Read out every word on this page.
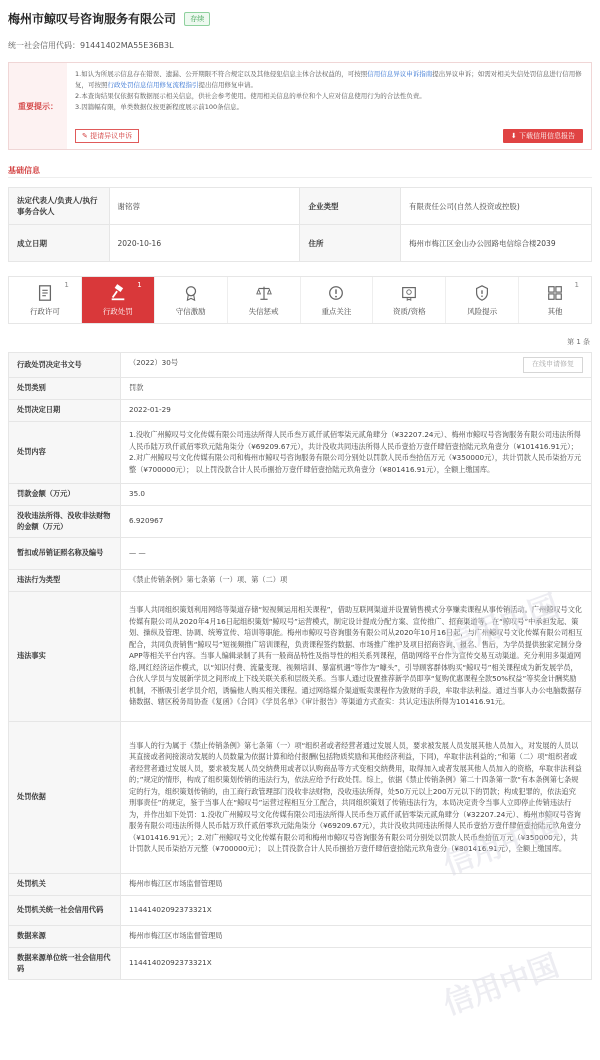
梅州市鲸叹号咨询服务有限公司 存续
统一社会信用代码：91441402MA55E36B3L
重要提示：
1.如认为所展示信息存在错误、遗漏、公开期限不符合规定以及其他侵犯信息主体合法权益的，可按照信用信息异议申诉指南提出异议申诉；如需对相关失信处罚信息进行信用修复，可按照行政处罚信息信用修复流程指引提出信用修复申请。
2.本查询结果仅依据有数据展示相关信息，供社会参考使用。使用相关信息的单位和个人应对信息使用行为的合法性负责。
3.因篇幅有限，单类数据仅按更新程度展示前100条信息。
✎ 提请异议申诉	⬇ 下载信用信息报告
基础信息
法定代表人/负责人/执行事务合伙人	谢铭蓉	企业类型	有限责任公司(自然人投资或控股)
成立日期	2020-10-16	住所	梅州市梅江区金山办公园路电信综合楼2039
1
行政许可
1
行政处罚	守信激励	失信惩戒	重点关注	资质/资格	风险提示
1
其他
第 1 条
行政处罚决定书文号	（2022）30号 在线申请修复

处罚类别	罚款
处罚决定日期	2022-01-29
处罚内容	1.没收广州鲸叹号文化传媒有限公司违法所得人民币叁万贰仟贰佰零柒元贰角肆分（¥32207.24元）、梅州市鲸叹号咨询服务有限公司违法所得人民币陆万玖仟贰佰零玖元陆角柒分（¥69209.67元），共计没收共同违法所得人民币壹拾万壹仟肆佰壹拾陆元玖角壹分（¥101416.91元）； 2.对广州鲸叹号文化传媒有限公司和梅州市鲸叹号咨询服务有限公司分别处以罚款人民币叁拾伍万元（¥350000元），共计罚款人民币柒拾万元整（¥700000元）； 以上罚没款合计人民币捌拾万壹仟肆佰壹拾陆元玖角壹分（¥801416.91元），全额上缴国库。
罚款金额（万元）	35.0
没收违法所得、没收非法财物的金额（万元）	6.920967
暂扣或吊销证照名称及编号	— —
违法行为类型	《禁止传销条例》第七条第（一）项、第（二）项
违法事实	当事人共同组织策划利用网络等渠道存储“短视频运用相关课程”，借助互联网渠道并设置销售模式分享赚卖课程从事传销活动。广州鲸叹号文化传媒有限公司从2020年4月16日起组织策划“鲸叹号”运营模式，制定设计提成分配方案、宣传推广、招商渠道等，在“鲸叹号”中承担发起、策划、操纵及管理、协调、统筹宣传、培训等职能。梅州市鲸叹号咨询服务有限公司从2020年10月16日起，与广州鲸叹号文化传媒有限公司相互配合，共同负责销售“鲸叹号”短视频推广培训课程，负责课程签约数据、市场推广维护及项目招商咨询、报名、售后，为学员提供独家定制分身APP等相关平台内容。当事人编辑录制了具有一般商品特性及指导性的相关系列课程，借助网络平台作为宣传交易互动渠道。充分利用多渠道网络,网红经济运作模式，以“知识付费、流量变现、视频培训、暴富机遇”等作为“噱头”，引导顾客群体购买“鲸叹号”相关课程成为新发展学员，合伙人学员与发展新学员之间形成上下线关联关系和层级关系。当事人通过设置推荐新学员即享“复购优惠课程全款50%权益”等奖金计酬奖励机制，不断吸引老学员介绍，诱骗他人购买相关课程。通过网络媒介渠道贩卖课程作为敛财的手段，牟取非法利益。通过当事人办公电脑数据存储数据、辖区税务局协查《复函》《合同》《学员名单》《审计报告》等渠道方式查实：共认定违法所得为101416.91元。
处罚依据	当事人的行为属于《禁止传销条例》第七条第（一）项“组织者或者经营者通过发展人员，要求被发展人员发展其他人员加入，对发展的人员以其直接或者间接滚动发展的人员数量为依据计算和给付报酬(包括物质奖励和其他经济利益，下同)，牟取非法利益的；”和第（二）项“组织者或者经营者通过发展人员，要求被发展人员交纳费用或者以认购商品等方式变相交纳费用，取得加入或者发展其他人员加入的资格，牟取非法利益的；”规定的情形，构成了组织策划传销的违法行为，依法应给予行政处罚。综上，依据《禁止传销条例》第二十四条第一款“有本条例第七条规定的行为，组织策划传销的，由工商行政管理部门没收非法财物，没收违法所得，处50万元以上200万元以下的罚款；构成犯罪的，依法追究刑事责任”的规定，鉴于当事人在“鲸叹号”运营过程相互分工配合，共同组织策划了传销违法行为，本局决定责令当事人立即停止传销违法行为，并作出如下处罚：1.没收广州鲸叹号文化传媒有限公司违法所得人民币叁万贰仟贰佰零柒元贰角肆分（¥32207.24元）、梅州市鲸叹号咨询服务有限公司违法所得人民币陆万玖仟贰佰零玖元陆角柒分（¥69209.67元），共计没收共同违法所得人民币壹拾万壹仟肆佰壹拾陆元玖角壹分（¥101416.91元）；2.对广州鲸叹号文化传媒有限公司和梅州市鲸叹号咨询服务有限公司分别处以罚款人民币叁拾伍万元（¥350000元），共计罚款人民币柒拾万元整（¥700000元）； 以上罚没款合计人民币捌拾万壹仟肆佰壹拾陆元玖角壹分（¥801416.91元），全额上缴国库。
处罚机关	梅州市梅江区市场监督管理局
处罚机关统一社会信用代码	11441402092373321X
数据来源	梅州市梅江区市场监督管理局
数据来源单位统一社会信用代码	11441402092373321X
信用中国
信用中国
信用中国
